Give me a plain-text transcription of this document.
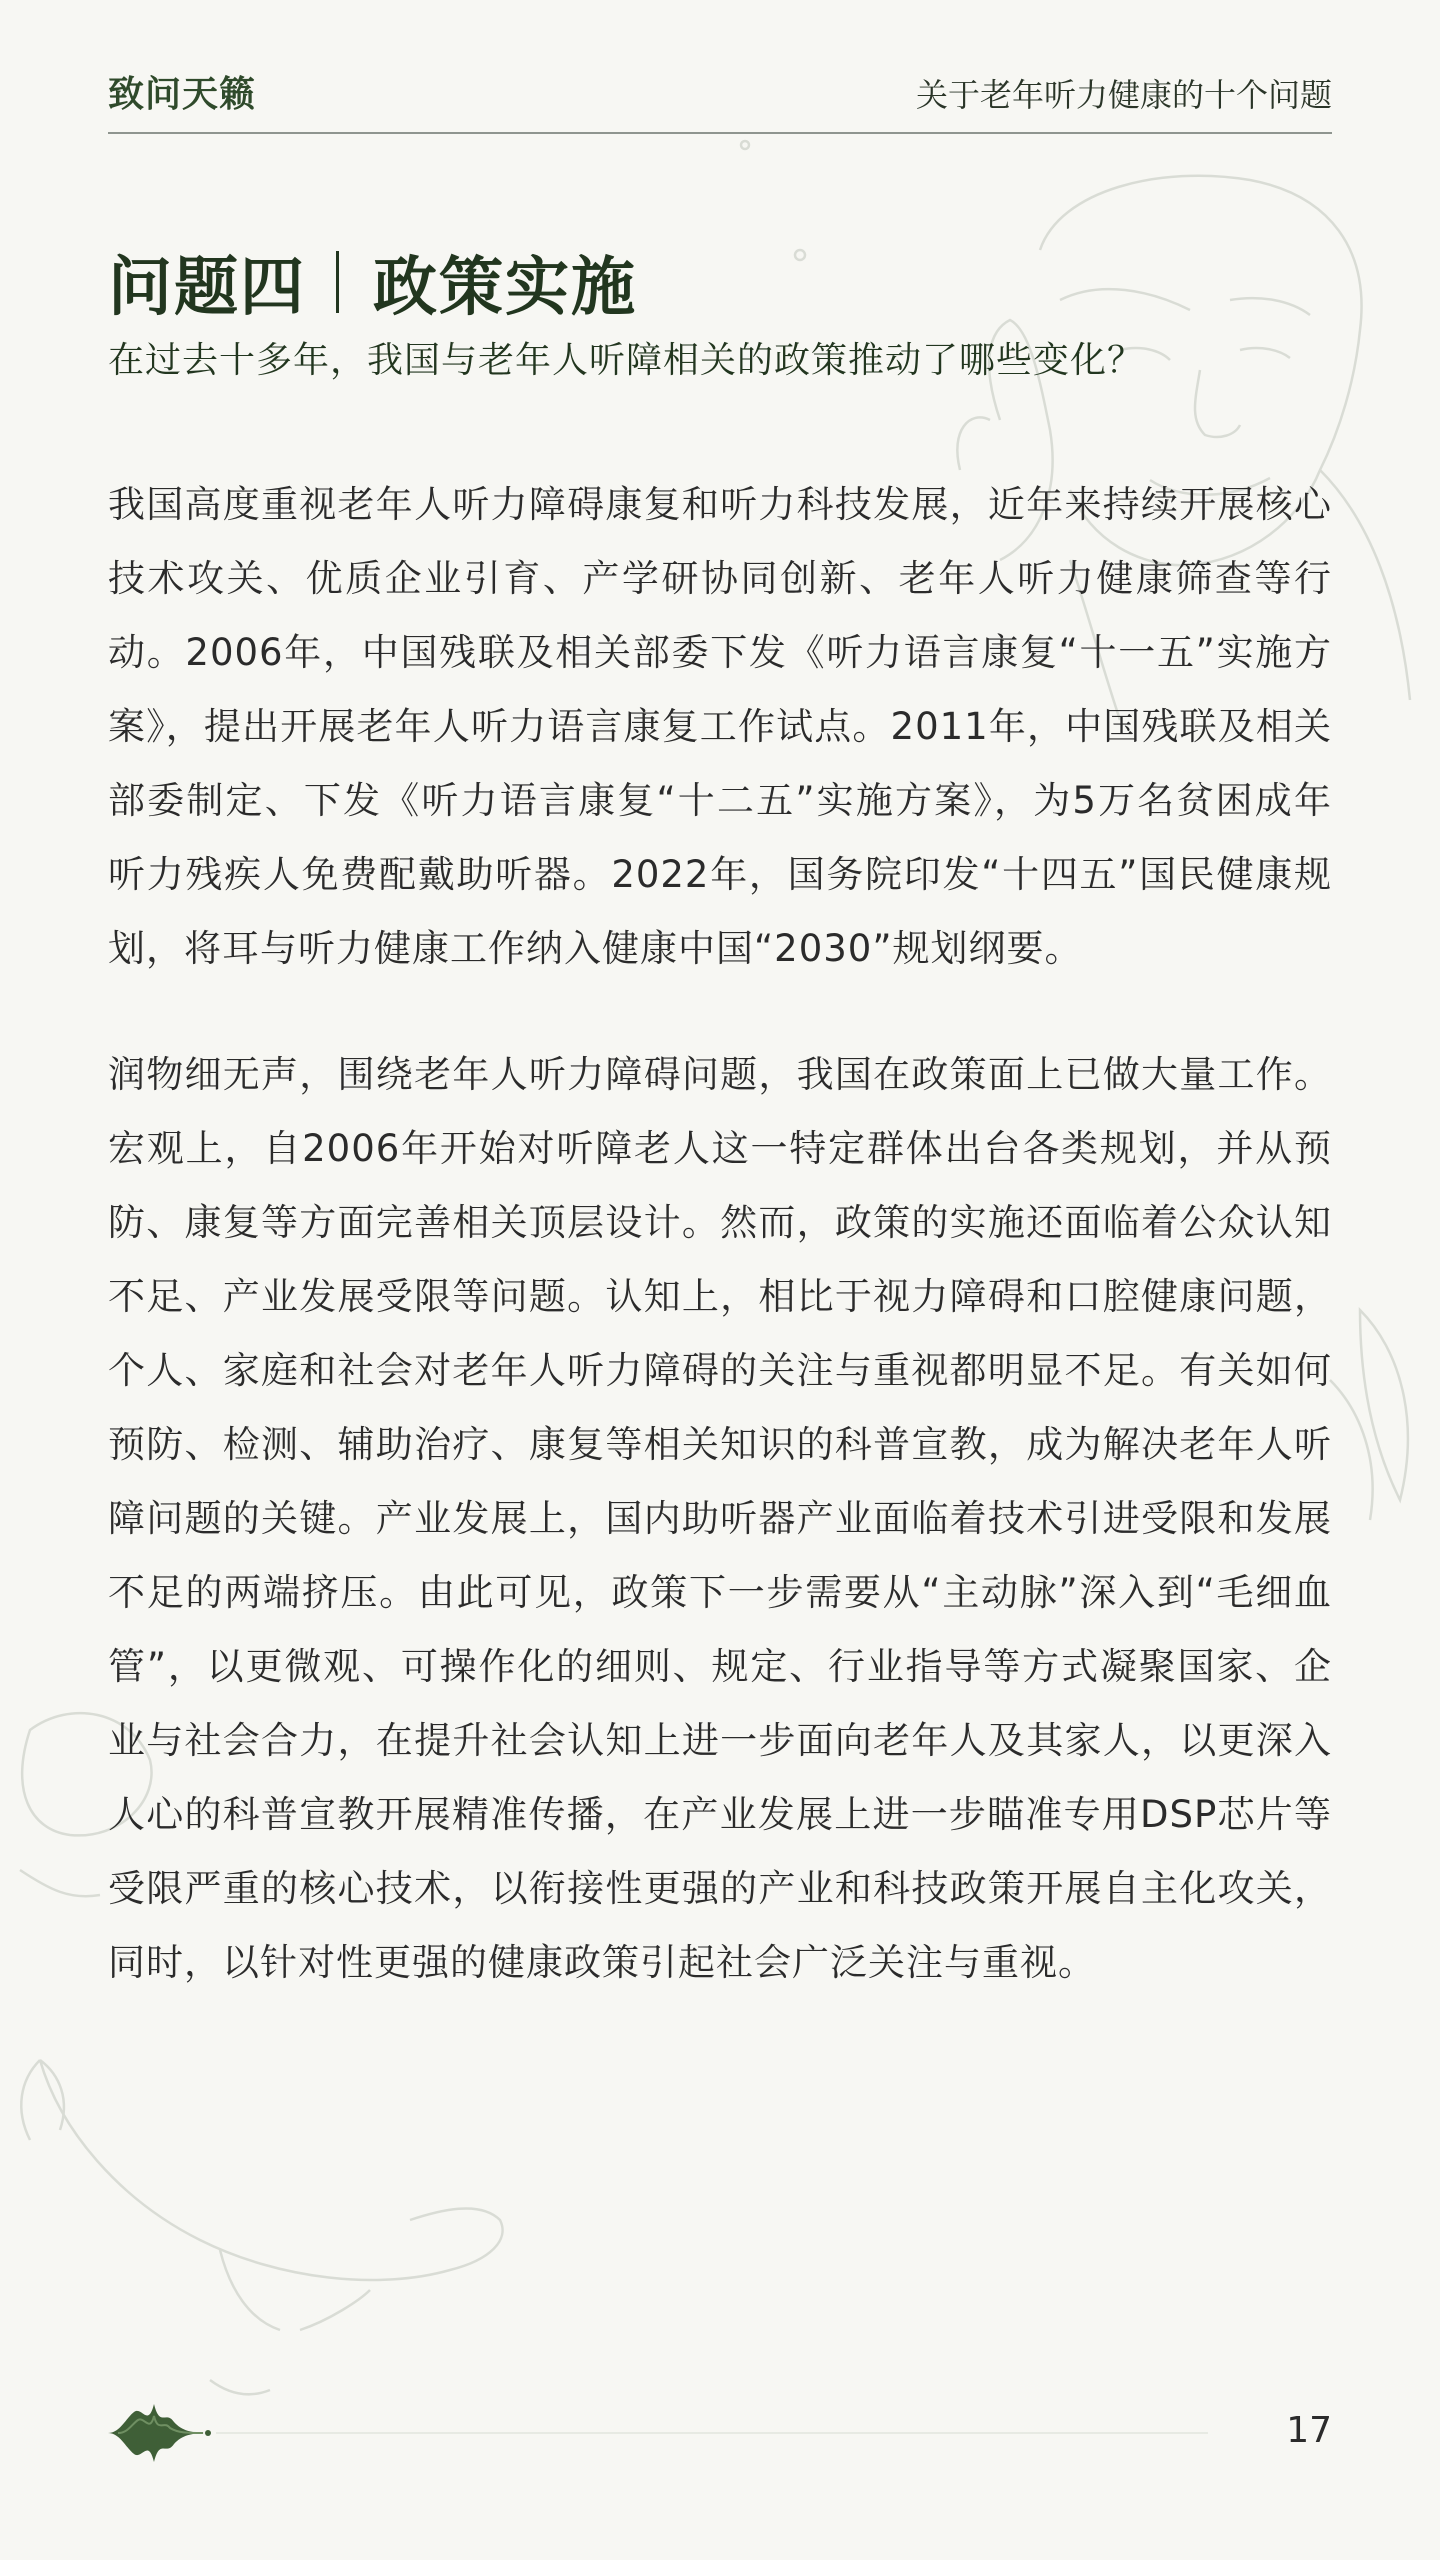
致问天籁	关于老年听力健康的十个问题
问题四 政策实施
在过去十多年，我国与老年人听障相关的政策推动了哪些变化？

我国高度重视老年人听力障碍康复和听力科技发展，近年来持续开展核心技术攻关、优质企业引育、产学研协同创新、老年人听力健康筛查等行动。2006年，中国残联及相关部委下发《听力语言康复“十一五”实施方案》，提出开展老年人听力语言康复工作试点。2011年，中国残联及相关部委制定、下发《听力语言康复“十二五”实施方案》，为5万名贫困成年听力残疾人免费配戴助听器。2022年，国务院印发“十四五”国民健康规划，将耳与听力健康工作纳入健康中国“2030”规划纲要。

润物细无声，围绕老年人听力障碍问题，我国在政策面上已做大量工作。宏观上，自2006年开始对听障老人这一特定群体出台各类规划，并从预防、康复等方面完善相关顶层设计。然而，政策的实施还面临着公众认知不足、产业发展受限等问题。认知上，相比于视力障碍和口腔健康问题，个人、家庭和社会对老年人听力障碍的关注与重视都明显不足。有关如何预防、检测、辅助治疗、康复等相关知识的科普宣教，成为解决老年人听障问题的关键。产业发展上，国内助听器产业面临着技术引进受限和发展不足的两端挤压。由此可见，政策下一步需要从“主动脉”深入到“毛细血管”，以更微观、可操作化的细则、规定、行业指导等方式凝聚国家、企业与社会合力，在提升社会认知上进一步面向老年人及其家人，以更深入人心的科普宣教开展精准传播，在产业发展上进一步瞄准专用DSP芯片等受限严重的核心技术，以衔接性更强的产业和科技政策开展自主化攻关，同时，以针对性更强的健康政策引起社会广泛关注与重视。

17
